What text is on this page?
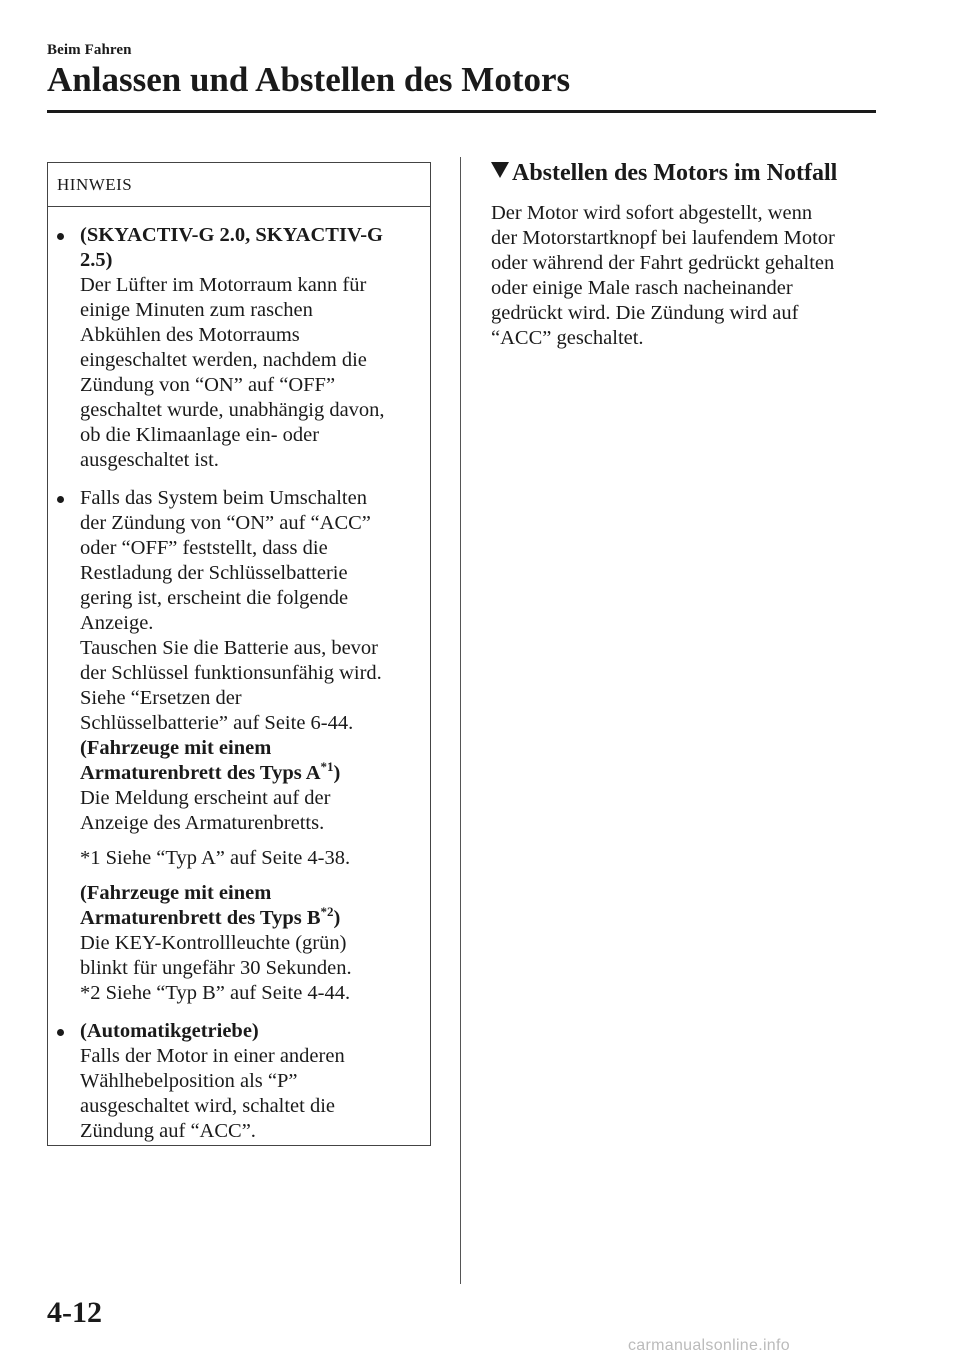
Beim Fahren
Anlassen und Abstellen des Motors
HINWEIS
(SKYACTIV-G 2.0, SKYACTIV-G
2.5)
Der Lüfter im Motorraum kann für
einige Minuten zum raschen
Abkühlen des Motorraums
eingeschaltet werden, nachdem die
Zündung von “ON” auf “OFF”
geschaltet wurde, unabhängig davon,
ob die Klimaanlage ein- oder
ausgeschaltet ist.
Falls das System beim Umschalten
der Zündung von “ON” auf “ACC”
oder “OFF” feststellt, dass die
Restladung der Schlüsselbatterie
gering ist, erscheint die folgende
Anzeige.
Tauschen Sie die Batterie aus, bevor
der Schlüssel funktionsunfähig wird.
Siehe “Ersetzen der
Schlüsselbatterie” auf Seite 6-44.
(Fahrzeuge mit einem
Armaturenbrett des Typs A$^{*1}$)
Die Meldung erscheint auf der
Anzeige des Armaturenbretts.
*1 Siehe “Typ A” auf Seite 4-38.
(Fahrzeuge mit einem
Armaturenbrett des Typs B$^{*2}$)
Die KEY-Kontrollleuchte (grün)
blinkt für ungefähr 30 Sekunden.
*2 Siehe “Typ B” auf Seite 4-44.
(Automatikgetriebe)
Falls der Motor in einer anderen
Wählhebelposition als “P”
ausgeschaltet wird, schaltet die
Zündung auf “ACC”.
Abstellen des Motors im Notfall
Der Motor wird sofort abgestellt, wenn
der Motorstartknopf bei laufendem Motor
oder während der Fahrt gedrückt gehalten
oder einige Male rasch nacheinander
gedrückt wird. Die Zündung wird auf
“ACC” geschaltet.
4-12
carmanualsonline.info
